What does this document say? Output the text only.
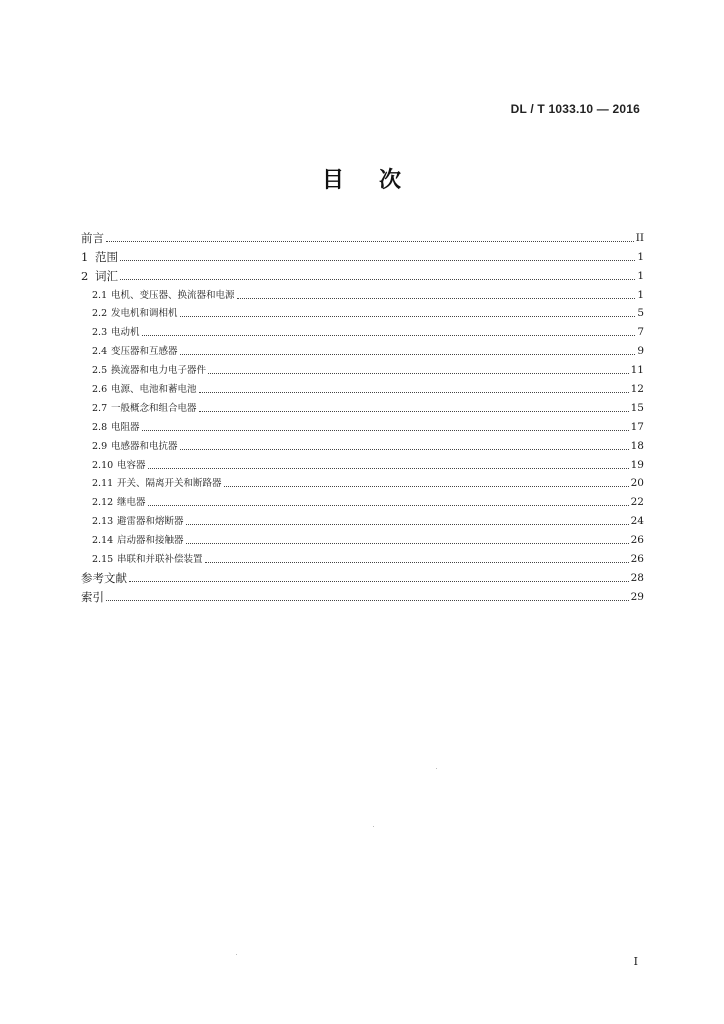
DL / T 1033.10 — 2016
目 次
前言	II
1 范围	1
2 词汇	1
2.1 电机、变压器、换流器和电源	1
2.2 发电机和调相机	5
2.3 电动机	7
2.4 变压器和互感器	9
2.5 换流器和电力电子器件	11
2.6 电源、电池和蓄电池	12
2.7 一般概念和组合电器	15
2.8 电阻器	17
2.9 电感器和电抗器	18
2.10 电容器	19
2.11 开关、隔离开关和断路器	20
2.12 继电器	22
2.13 避雷器和熔断器	24
2.14 启动器和接触器	26
2.15 串联和并联补偿装置	26
参考文献	28
索引	29
I
